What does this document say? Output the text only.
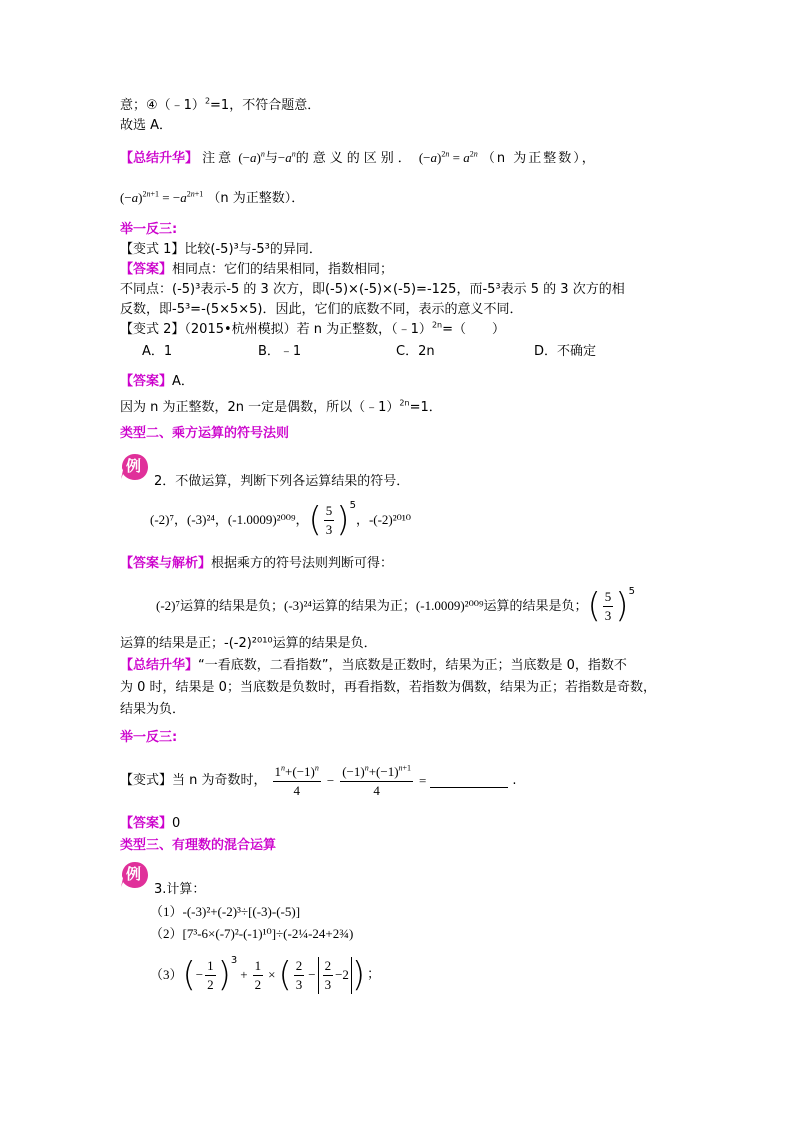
意；④（﹣1）$^2$=1，不符合题意．
故选 A．
【总结升华】 注意 $(-a)^n$与$-a^n$的意义的区别． $(-a)^{2n} = a^{2n}$ （n 为正整数），
$(-a)^{2n+1} = -a^{2n+1}$ （n 为正整数）．
举一反三:
【变式 1】比较(-5)³与-5³的异同．
【答案】相同点：它们的结果相同，指数相同；
不同点：(-5)³表示-5 的 3 次方，即(-5)×(-5)×(-5)=-125，而-5³表示 5 的 3 次方的相
反数，即-5³=-(5×5×5)．因此，它们的底数不同，表示的意义不同．
【变式 2】（2015•杭州模拟）若 n 为正整数，（﹣1）$^{2n}$=（　　）
A．1	B．﹣1	C．2n	D．不确定
【答案】A．
因为 n 为正整数，2n 一定是偶数，所以（﹣1）$^{2n}$=1．
类型二、乘方运算的符号法则
例
2．不做运算，判断下列各运算结果的符号．
(-2)⁷，(-3)²⁴，(-1.0009)²⁰⁰⁹， ( $\frac{5}{3} )^5$
，-(-2)²⁰¹⁰
【答案与解析】根据乘方的符号法则判断可得：
(-2)⁷运算的结果是负；(-3)²⁴运算的结果为正；(-1.0009)²⁰⁰⁹运算的结果是负； ( $\frac{5}{3} )^5$
运算的结果是正；-(-2)²⁰¹⁰运算的结果是负．
【总结升华】“一看底数，二看指数”，当底数是正数时，结果为正；当底数是 0，指数不
为 0 时，结果是 0；当底数是负数时，再看指数，若指数为偶数，结果为正；若指数是奇数，
结果为负．
举一反三:
【变式】 当 n 为奇数时， $\frac{1^n+(-1)^n}{4} - \frac{(-1)^n+(-1)^{n+1}}{4}$ =	.
【答案】0
类型三、有理数的混合运算
例
3.计算：
（1）-(-3)²+(-2)³÷[(-3)-(-5)]
（2）[7³-6×(-7)²-(-1)¹⁰]÷(-2¼-24+2¾)
（3） ( − $\frac{1}{2} )^3$
+ $\frac{1}{2}$ × ( $\frac{2}{3} - \frac{2}{3} -2$ ) ；
